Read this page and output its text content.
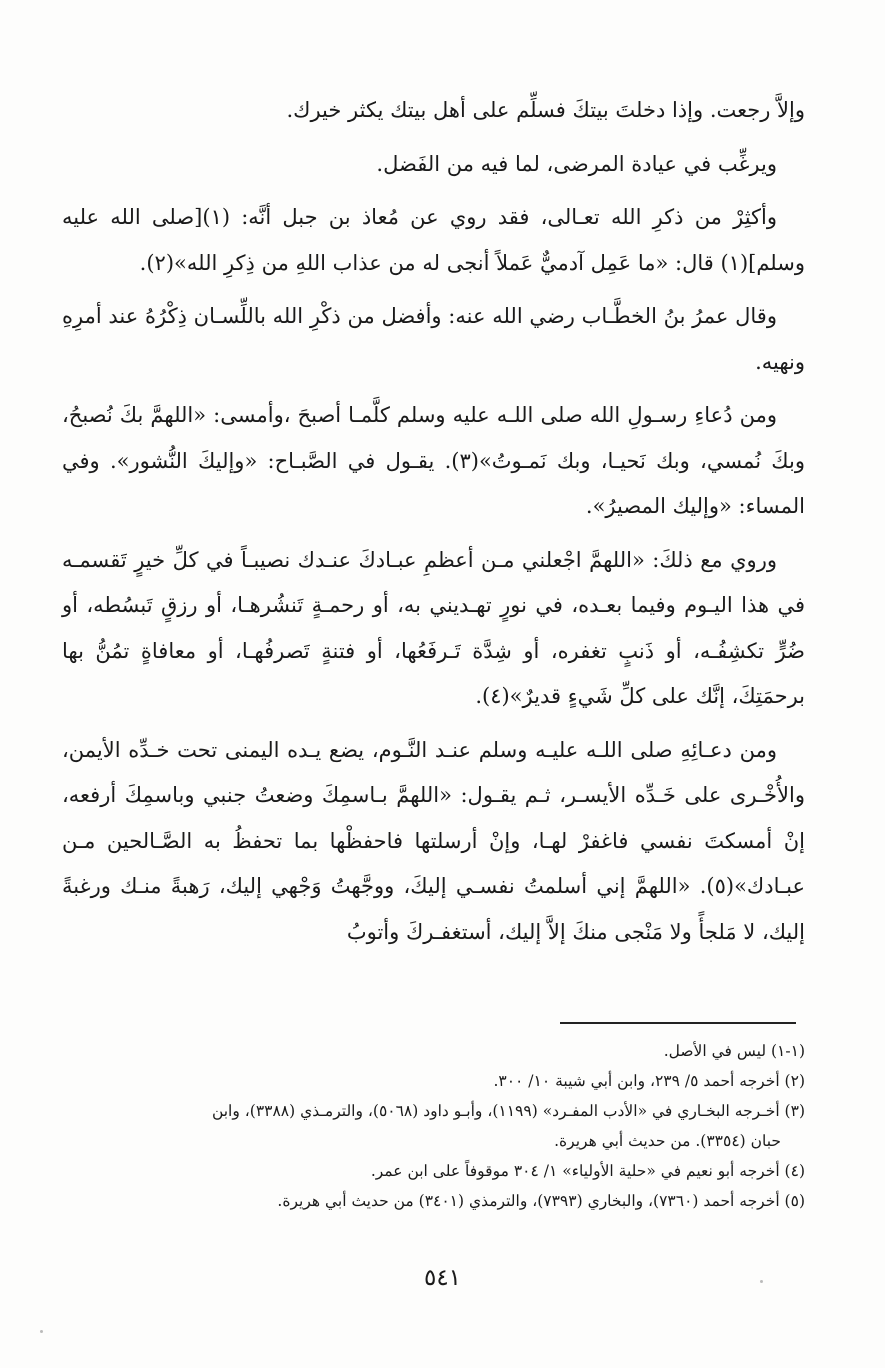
وإلاَّ رجعت. وإذا دخلتَ بيتكَ فسلِّم على أهل بيتك يكثر خيرك.

ويرغِّب في عيادة المرضى، لما فيه من الفَضل.

وأكثِرْ من ذكرِ الله تعـالى، فقد روي عن مُعاذ بن جبل أنَّه: (١)[صلى الله عليه وسلم](١) قال: «ما عَمِل آدميٌّ عَملاً أنجى له من عذاب اللهِ من ذِكرِ الله»(٢).

وقال عمرُ بنُ الخطَّـاب رضي الله عنه: وأفضل من ذكْرِ الله باللِّسـان ذِكْرُهُ عند أمرِهِ ونهيه.

ومن دُعاءِ رسـولِ الله صلى اللـه عليه وسلم كلَّمـا أصبحَ ،وأمسى: «اللهمَّ بكَ نُصبحُ، وبكَ نُمسي، وبك نَحيـا، وبك نَمـوتُ»(٣). يقـول في الصَّبـاح: «وإليكَ النُّشور». وفي المساء: «وإليك المصيرُ».

وروي مع ذلكَ: «اللهمَّ اجْعلني مـن أعظمِ عبـادكَ عنـدك نصيبـاً في كلِّ خيرٍ تَقسمـه في هذا اليـوم وفيما بعـده، في نورٍ تهـديني به، أو رحمـةٍ تَنشُرهـا، أو رزقٍ تَبسُطه، أو ضُرٍّ تكشِفُـه، أو ذَنبٍ تغفره، أو شِدَّة تَـرفَعُها، أو فتنةٍ تَصرفُهـا، أو معافاةٍ تمُنُّ بها برحمَتِكَ، إنَّك على كلِّ شَيءٍ قديرٌ»(٤).

ومن دعـائِهِ صلى اللـه عليـه وسلم عنـد النَّـوم، يضع يـده اليمنى تحت خـدِّه الأيمن، والأُخْـرى على خَـدِّه الأيسـر، ثـم يقـول: «اللهمَّ بـاسمِكَ وضعتُ جنبي وباسمِكَ أرفعه، إنْ أمسكتَ نفسي فاغفرْ لهـا، وإنْ أرسلتها فاحفظْها بما تحفظُ به الصَّـالحين مـن عبـادك»(٥). «اللهمَّ إني أسلمتُ نفسـي إليكَ، ووجَّهتُ وَجْهي إليك، رَهبةً منـك ورغبةً إليك، لا مَلجأً ولا مَنْجى منكَ إلاَّ إليك، أستغفـركَ وأتوبُ

(١-١) ليس في الأصل.

(٢) أخرجه أحمد ٥/ ٢٣٩، وابن أبي شيبة ١٠/ ٣٠٠.

(٣) أخـرجه البخـاري في «الأدب المفـرد» (١١٩٩)، وأبـو داود (٥٠٦٨)، والترمـذي (٣٣٨٨)، وابن

حبان (٣٣٥٤). من حديث أبي هريرة.

(٤) أخرجه أبو نعيم في «حلية الأولياء» ١/ ٣٠٤ موقوفاً على ابن عمر.

(٥) أخرجه أحمد (٧٣٦٠)، والبخاري (٧٣٩٣)، والترمذي (٣٤٠١) من حديث أبي هريرة.

٥٤١
